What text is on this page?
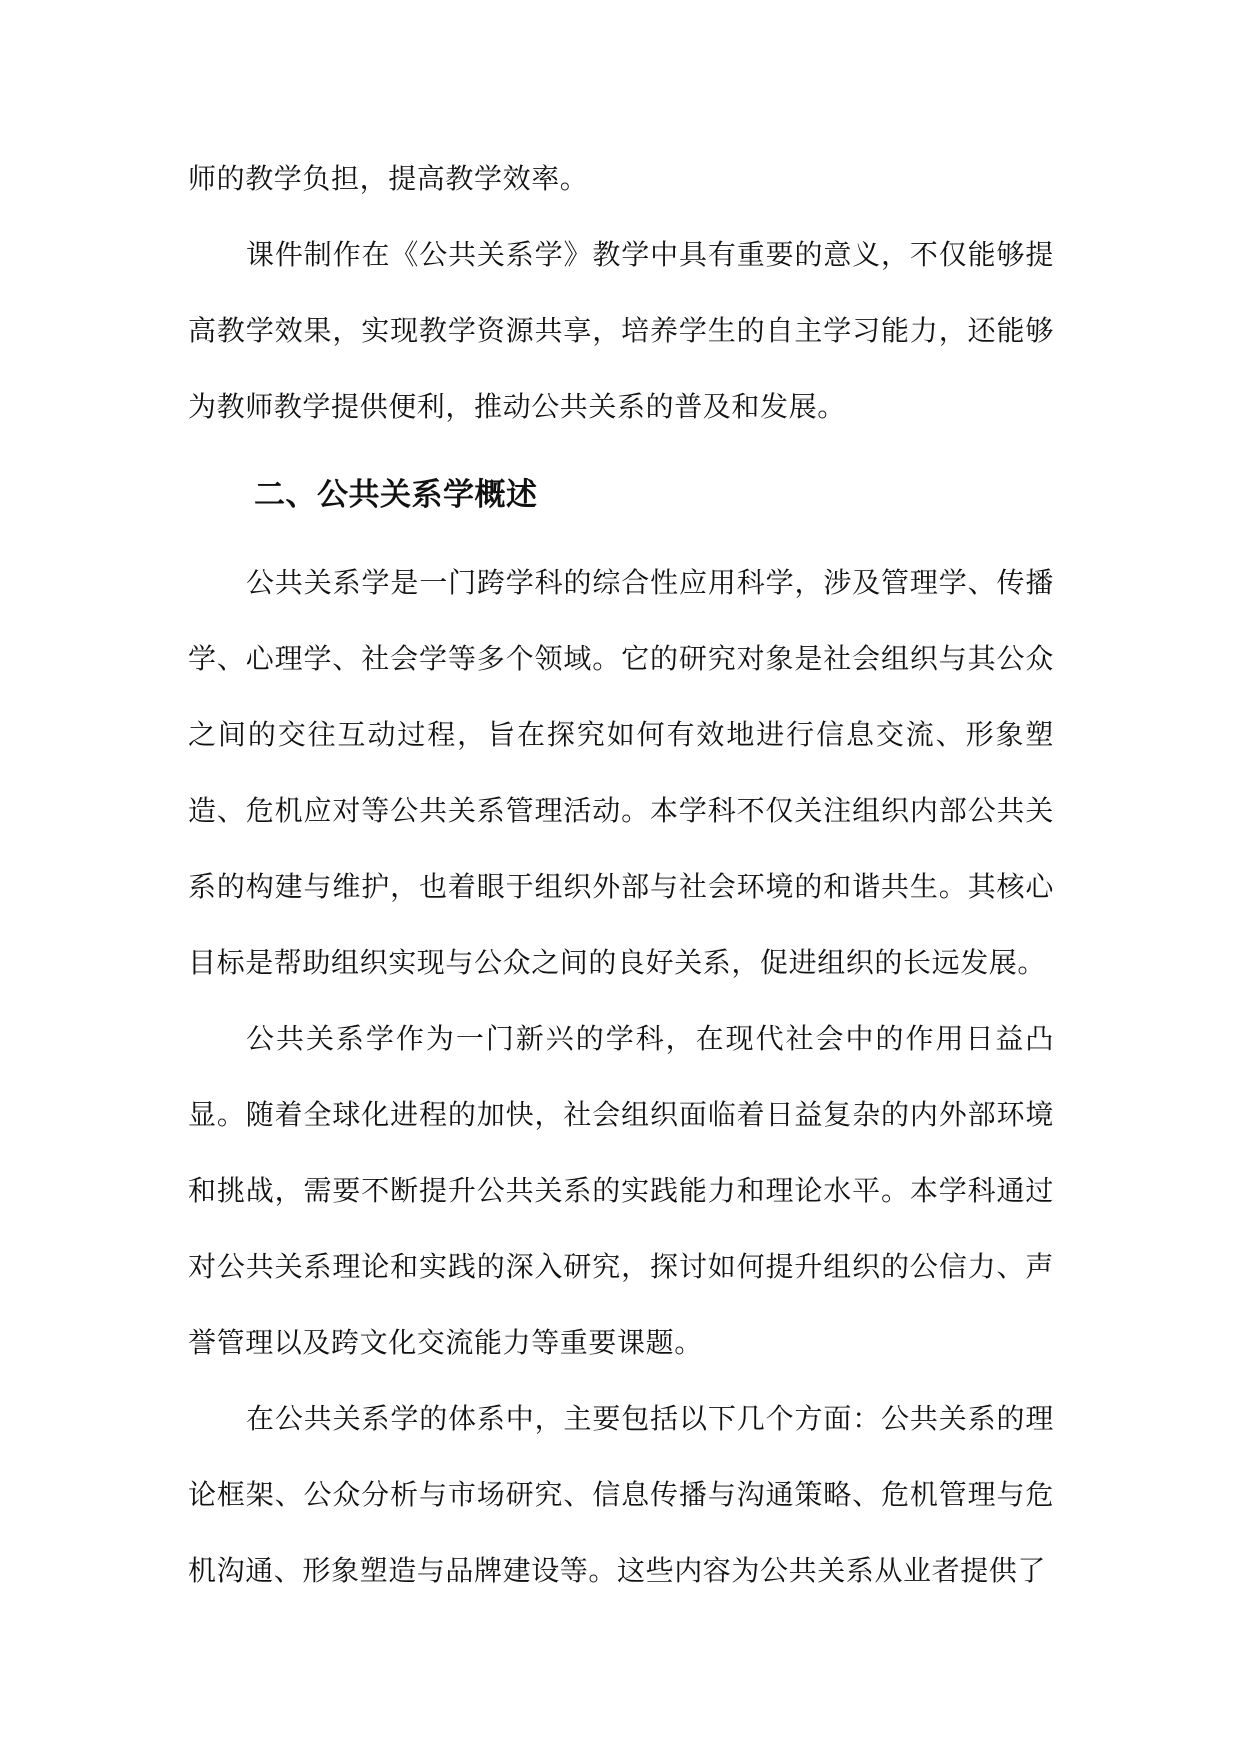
师的教学负担，提高教学效率。

课件制作在《公共关系学》教学中具有重要的意义，不仅能够提高教学效果，实现教学资源共享，培养学生的自主学习能力，还能够为教师教学提供便利，推动公共关系的普及和发展。

二、公共关系学概述

公共关系学是一门跨学科的综合性应用科学，涉及管理学、传播学、心理学、社会学等多个领域。它的研究对象是社会组织与其公众之间的交往互动过程，旨在探究如何有效地进行信息交流、形象塑造、危机应对等公共关系管理活动。本学科不仅关注组织内部公共关系的构建与维护，也着眼于组织外部与社会环境的和谐共生。其核心目标是帮助组织实现与公众之间的良好关系，促进组织的长远发展。

公共关系学作为一门新兴的学科，在现代社会中的作用日益凸显。随着全球化进程的加快，社会组织面临着日益复杂的内外部环境和挑战，需要不断提升公共关系的实践能力和理论水平。本学科通过对公共关系理论和实践的深入研究，探讨如何提升组织的公信力、声誉管理以及跨文化交流能力等重要课题。

在公共关系学的体系中，主要包括以下几个方面：公共关系的理论框架、公众分析与市场研究、信息传播与沟通策略、危机管理与危机沟通、形象塑造与品牌建设等。这些内容为公共关系从业者提供了
